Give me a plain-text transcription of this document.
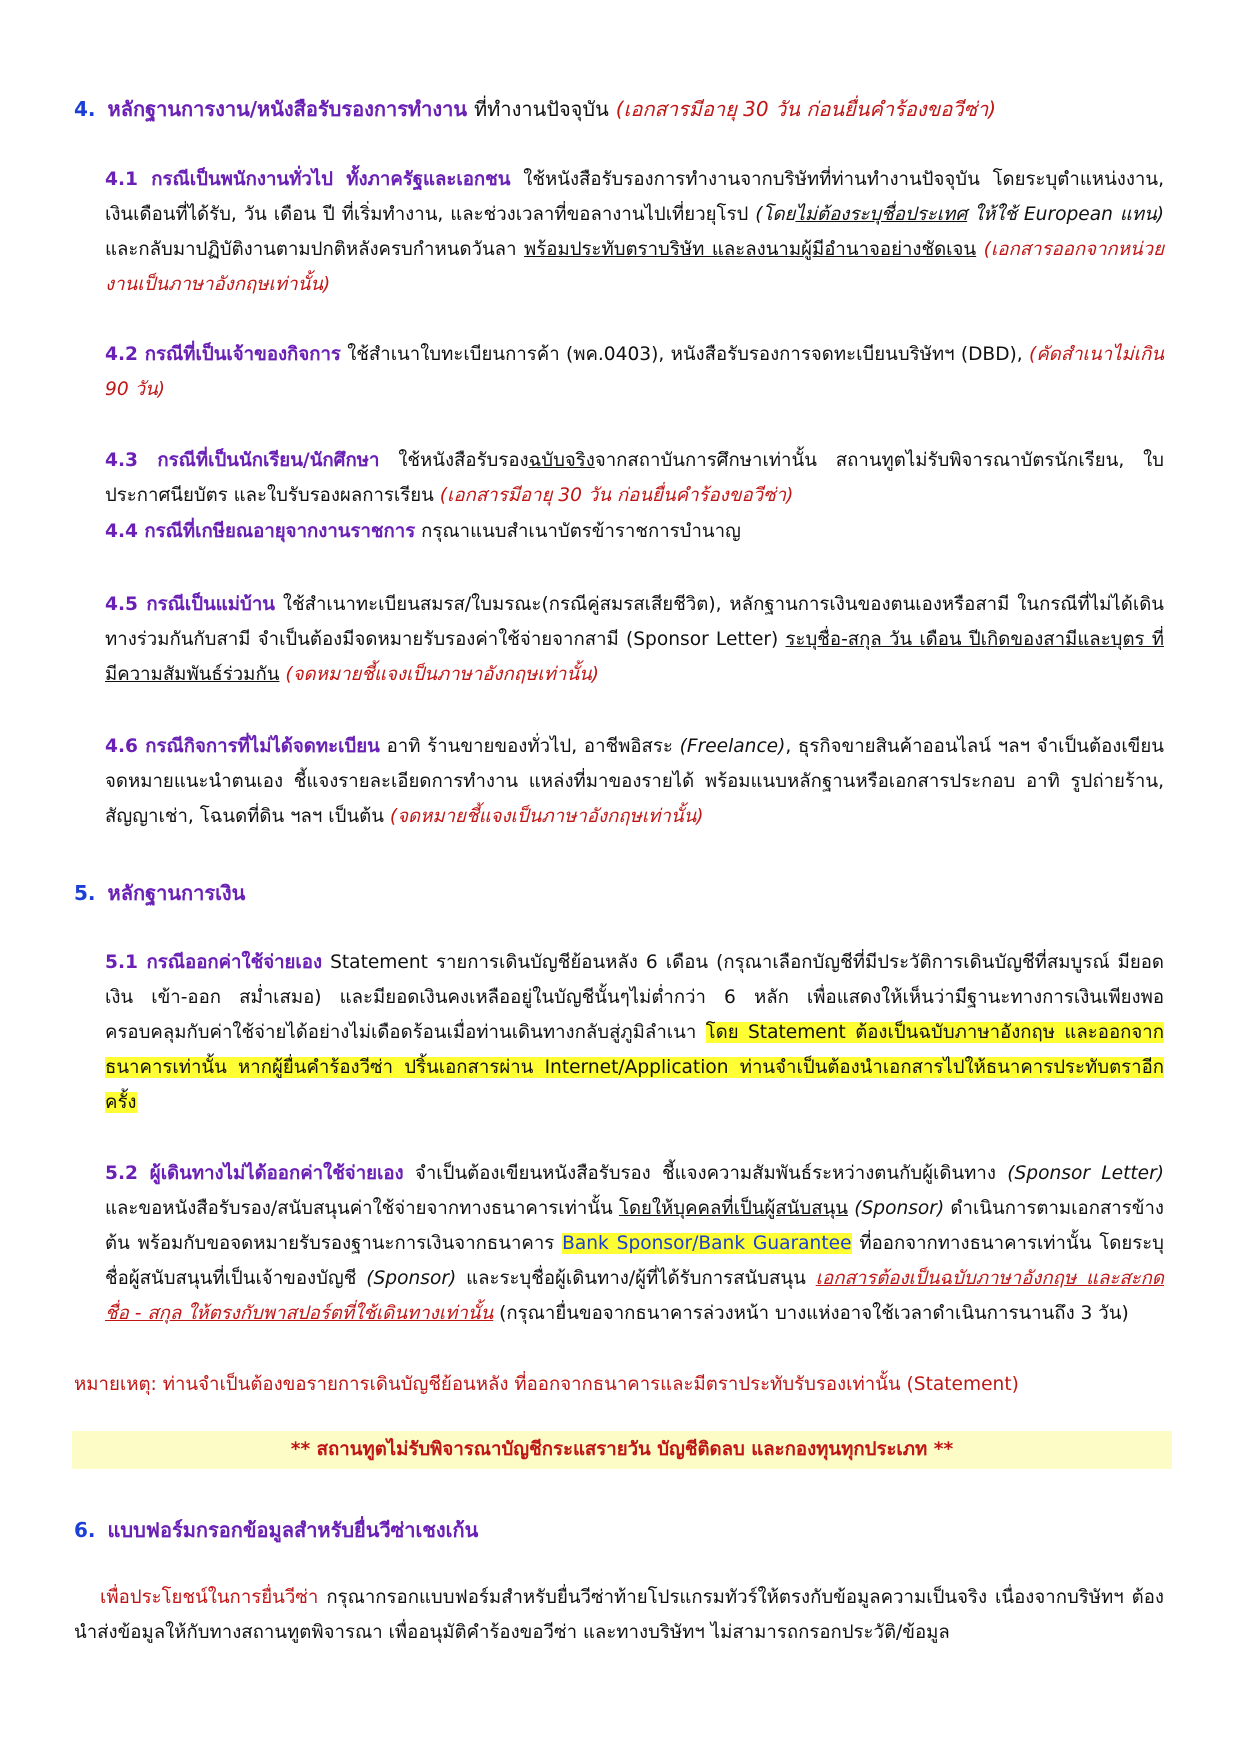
4. หลักฐานการงาน/หนังสือรับรองการทำงาน ที่ทำงานปัจจุบัน (เอกสารมีอายุ 30 วัน ก่อนยื่นคำร้องขอวีซ่า)
4.1 กรณีเป็นพนักงานทั่วไป ทั้งภาครัฐและเอกชน ใช้หนังสือรับรองการทำงานจากบริษัทที่ท่านทำงานปัจจุบัน โดยระบุตำแหน่งงาน, เงินเดือนที่ได้รับ, วัน เดือน ปี ที่เริ่มทำงาน, และช่วงเวลาที่ขอลางานไปเที่ยวยุโรป (โดยไม่ต้องระบุชื่อประเทศ ให้ใช้ European แทน) และกลับมาปฏิบัติงานตามปกติหลังครบกำหนดวันลา พร้อมประทับตราบริษัท และลงนามผู้มีอำนาจอย่างชัดเจน (เอกสารออกจากหน่วยงานเป็นภาษาอังกฤษเท่านั้น)
4.2 กรณีที่เป็นเจ้าของกิจการ ใช้สำเนาใบทะเบียนการค้า (พค.0403), หนังสือรับรองการจดทะเบียนบริษัทฯ (DBD), (คัดสำเนาไม่เกิน 90 วัน)
4.3 กรณีที่เป็นนักเรียน/นักศึกษา ใช้หนังสือรับรองฉบับจริงจากสถาบันการศึกษาเท่านั้น สถานทูตไม่รับพิจารณาบัตรนักเรียน, ใบประกาศนียบัตร และใบรับรองผลการเรียน (เอกสารมีอายุ 30 วัน ก่อนยื่นคำร้องขอวีซ่า)
4.4 กรณีที่เกษียณอายุจากงานราชการ กรุณาแนบสำเนาบัตรข้าราชการบำนาญ
4.5 กรณีเป็นแม่บ้าน ใช้สำเนาทะเบียนสมรส/ใบมรณะ(กรณีคู่สมรสเสียชีวิต), หลักฐานการเงินของตนเองหรือสามี ในกรณีที่ไม่ได้เดินทางร่วมกันกับสามี จำเป็นต้องมีจดหมายรับรองค่าใช้จ่ายจากสามี (Sponsor Letter) ระบุชื่อ-สกุล วัน เดือน ปีเกิดของสามีและบุตร ที่มีความสัมพันธ์ร่วมกัน (จดหมายชี้แจงเป็นภาษาอังกฤษเท่านั้น)
4.6 กรณีกิจการที่ไม่ได้จดทะเบียน อาทิ ร้านขายของทั่วไป, อาชีพอิสระ (Freelance), ธุรกิจขายสินค้าออนไลน์ ฯลฯ จำเป็นต้องเขียนจดหมายแนะนำตนเอง ชี้แจงรายละเอียดการทำงาน แหล่งที่มาของรายได้ พร้อมแนบหลักฐานหรือเอกสารประกอบ อาทิ รูปถ่ายร้าน, สัญญาเช่า, โฉนดที่ดิน ฯลฯ เป็นต้น (จดหมายชี้แจงเป็นภาษาอังกฤษเท่านั้น)
5. หลักฐานการเงิน
5.1 กรณีออกค่าใช้จ่ายเอง Statement รายการเดินบัญชีย้อนหลัง 6 เดือน (กรุณาเลือกบัญชีที่มีประวัติการเดินบัญชีที่สมบูรณ์ มียอดเงิน เข้า-ออก สม่ำเสมอ) และมียอดเงินคงเหลืออยู่ในบัญชีนั้นๆไม่ต่ำกว่า 6 หลัก เพื่อแสดงให้เห็นว่ามีฐานะทางการเงินเพียงพอ ครอบคลุมกับค่าใช้จ่ายได้อย่างไม่เดือดร้อนเมื่อท่านเดินทางกลับสู่ภูมิลำเนา โดย Statement ต้องเป็นฉบับภาษาอังกฤษ และออกจากธนาคารเท่านั้น หากผู้ยื่นคำร้องวีซ่า ปริ้นเอกสารผ่าน Internet/Application ท่านจำเป็นต้องนำเอกสารไปให้ธนาคารประทับตราอีกครั้ง
5.2 ผู้เดินทางไม่ได้ออกค่าใช้จ่ายเอง จำเป็นต้องเขียนหนังสือรับรอง ชี้แจงความสัมพันธ์ระหว่างตนกับผู้เดินทาง (Sponsor Letter) และขอหนังสือรับรอง/สนับสนุนค่าใช้จ่ายจากทางธนาคารเท่านั้น โดยให้บุคคลที่เป็นผู้สนับสนุน (Sponsor) ดำเนินการตามเอกสารข้างต้น พร้อมกับขอจดหมายรับรองฐานะการเงินจากธนาคาร Bank Sponsor/Bank Guarantee ที่ออกจากทางธนาคารเท่านั้น โดยระบุชื่อผู้สนับสนุนที่เป็นเจ้าของบัญชี (Sponsor) และระบุชื่อผู้เดินทาง/ผู้ที่ได้รับการสนับสนุน เอกสารต้องเป็นฉบับภาษาอังกฤษ และสะกดชื่อ - สกุล ให้ตรงกับพาสปอร์ตที่ใช้เดินทางเท่านั้น (กรุณายื่นขอจากธนาคารล่วงหน้า บางแห่งอาจใช้เวลาดำเนินการนานถึง 3 วัน)
หมายเหตุ: ท่านจำเป็นต้องขอรายการเดินบัญชีย้อนหลัง ที่ออกจากธนาคารและมีตราประทับรับรองเท่านั้น (Statement)
** สถานทูตไม่รับพิจารณาบัญชีกระแสรายวัน บัญชีติดลบ และกองทุนทุกประเภท **
6. แบบฟอร์มกรอกข้อมูลสำหรับยื่นวีซ่าเชงเก้น
เพื่อประโยชน์ในการยื่นวีซ่า กรุณากรอกแบบฟอร์มสำหรับยื่นวีซ่าท้ายโปรแกรมทัวร์ให้ตรงกับข้อมูลความเป็นจริง เนื่องจากบริษัทฯ ต้องนำส่งข้อมูลให้กับทางสถานทูตพิจารณา เพื่ออนุมัติคำร้องขอวีซ่า และทางบริษัทฯ ไม่สามารถกรอกประวัติ/ข้อมูล
